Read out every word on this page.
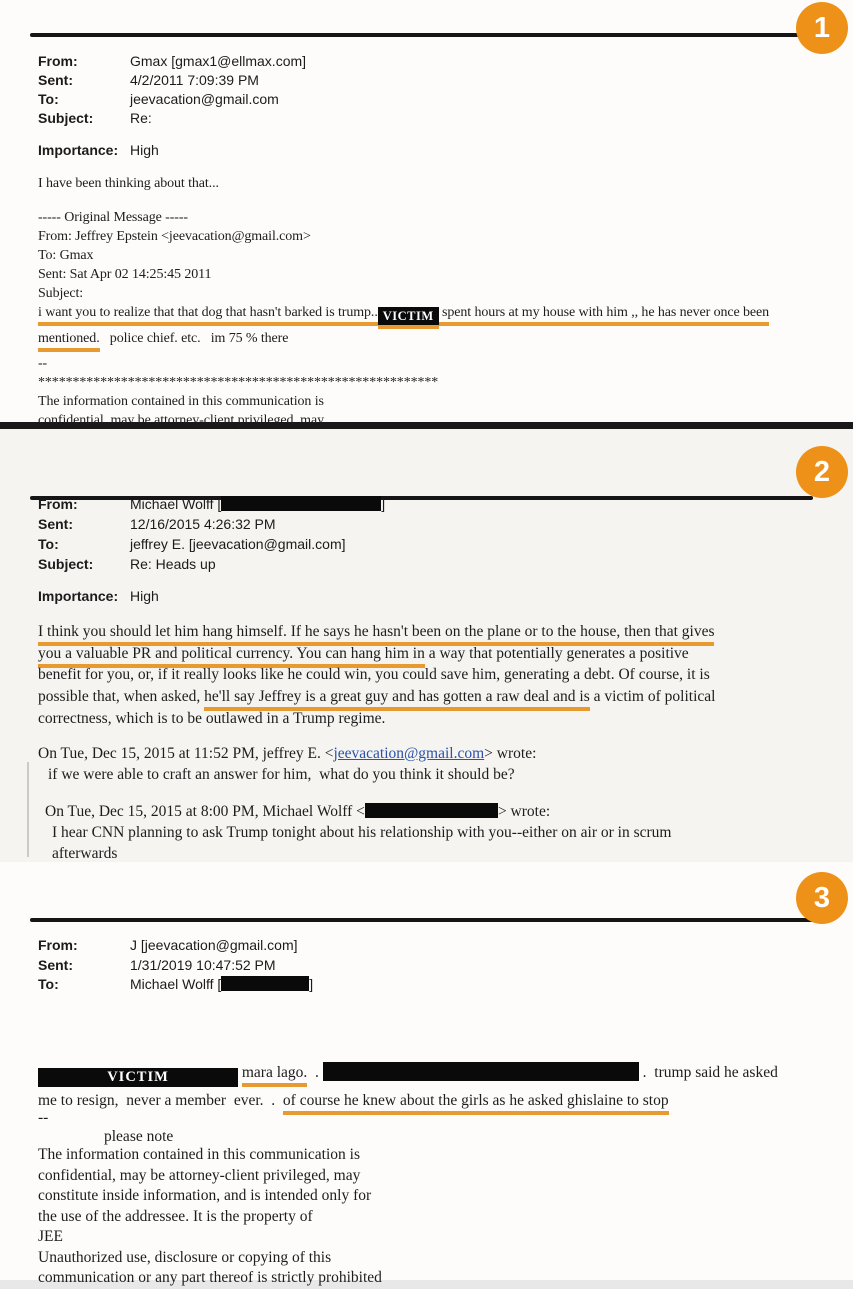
1
2
3
From:	Gmax [gmax1@ellmax.com]
Sent:	4/2/2011 7:09:39 PM
To:	jeevacation@gmail.com
Subject:	Re:
Importance: High
I have been thinking about that...
----- Original Message -----
From: Jeffrey Epstein <jeevacation@gmail.com>
To: Gmax
Sent: Sat Apr 02 14:25:45 2011
Subject:
i want you to realize that that dog that hasn't barked is trump.. VICTIM spent hours at my house with him ,, he has never once been
mentioned.   police chief. etc.   im 75 % there
--
**********************************************************
The information contained in this communication is
confidential, may be attorney-client privileged, may
From:	Michael Wolff [	]
Sent:	12/16/2015 4:26:32 PM
To:	jeffrey E. [jeevacation@gmail.com]
Subject:	Re: Heads up
Importance: High
I think you should let him hang himself. If he says he hasn't been on the plane or to the house, then that gives
you a valuable PR and political currency. You can hang him in a way that potentially generates a positive
benefit for you, or, if it really looks like he could win, you could save him, generating a debt. Of course, it is
possible that, when asked, he'll say Jeffrey is a great guy and has gotten a raw deal and is a victim of political
correctness, which is to be outlawed in a Trump regime.
On Tue, Dec 15, 2015 at 11:52 PM, jeffrey E. <jeevacation@gmail.com> wrote:
if we were able to craft an answer for him,  what do you think it should be?
On Tue, Dec 15, 2015 at 8:00 PM, Michael Wolff <	> wrote:
I hear CNN planning to ask Trump tonight about his relationship with you--either on air or in scrum
afterwards
From:	J [jeevacation@gmail.com]
Sent:	1/31/2019 10:47:52 PM
To:	Michael Wolff [	]
VICTIM	mara lago.  .	.  trump said he asked
me to resign,  never a member  ever.  .  of course he knew about the girls as he asked ghislaine to stop
--
please note
The information contained in this communication is
confidential, may be attorney-client privileged, may
constitute inside information, and is intended only for
the use of the addressee. It is the property of
JEE
Unauthorized use, disclosure or copying of this
communication or any part thereof is strictly prohibited
